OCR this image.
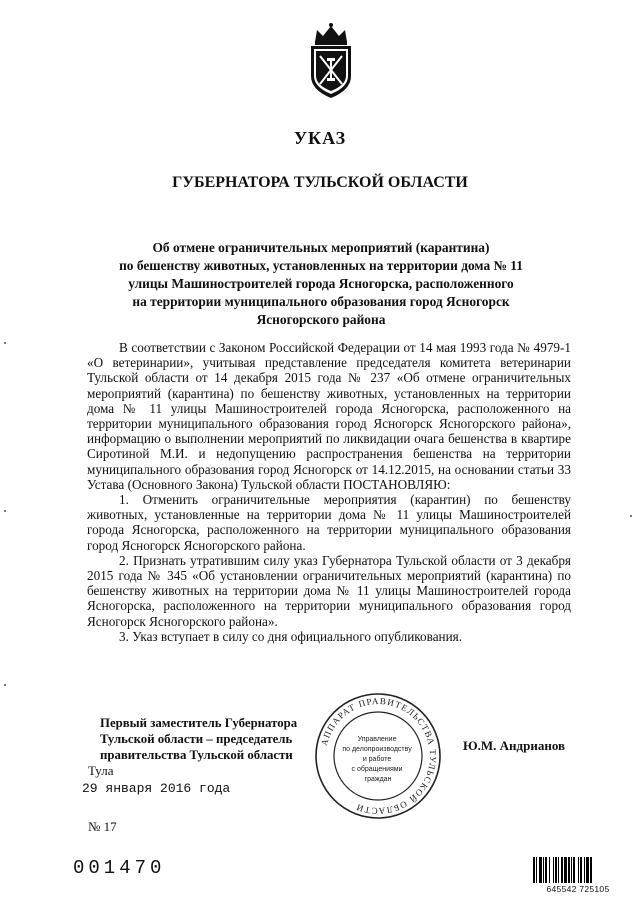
УКАЗ
ГУБЕРНАТОРА ТУЛЬСКОЙ ОБЛАСТИ
Об отмене ограничительных мероприятий (карантина)
по бешенству животных, установленных на территории дома № 11
улицы Машиностроителей города Ясногорска, расположенного
на территории муниципального образования город Ясногорск
Ясногорского района

В соответствии с Законом Российской Федерации от 14 мая 1993 года № 4979-1 «О ветеринарии», учитывая представление председателя комитета ветеринарии Тульской области от 14 декабря 2015 года № 237 «Об отмене ограничительных мероприятий (карантина) по бешенству животных, установленных на территории дома № 11 улицы Машиностроителей города Ясногорска, расположенного на территории муниципального образования город Ясногорск Ясногорского района», информацию о выполнении мероприятий по ликвидации очага бешенства в квартире Сиротиной М.И. и недопущению распространения бешенства на территории муниципального образования город Ясногорск от 14.12.2015, на основании статьи 33 Устава (Основного Закона) Тульской области ПОСТАНОВЛЯЮ:

1. Отменить ограничительные мероприятия (карантин) по бешенству животных, установленные на территории дома № 11 улицы Машиностроителей города Ясногорска, расположенного на территории муниципального образования город Ясногорск Ясногорского района.

2. Признать утратившим силу указ Губернатора Тульской области от 3 декабря 2015 года № 345 «Об установлении ограничительных мероприятий (карантина) по бешенству животных на территории дома № 11 улицы Машиностроителей города Ясногорска, расположенного на территории муниципального образования город Ясногорск Ясногорского района».

3. Указ вступает в силу со дня официального опубликования.

Первый заместитель Губернатора
Тульской области – председатель
правительства Тульской области
АППАРАТ ПРАВИТЕЛЬСТВА ТУЛЬСКОЙ ОБЛАСТИ
Управление по делопроизводству и работе с обращениями граждан
Ю.М. Андрианов
Тула
29 января 2016 года
№ 17
001470
645542 725105
